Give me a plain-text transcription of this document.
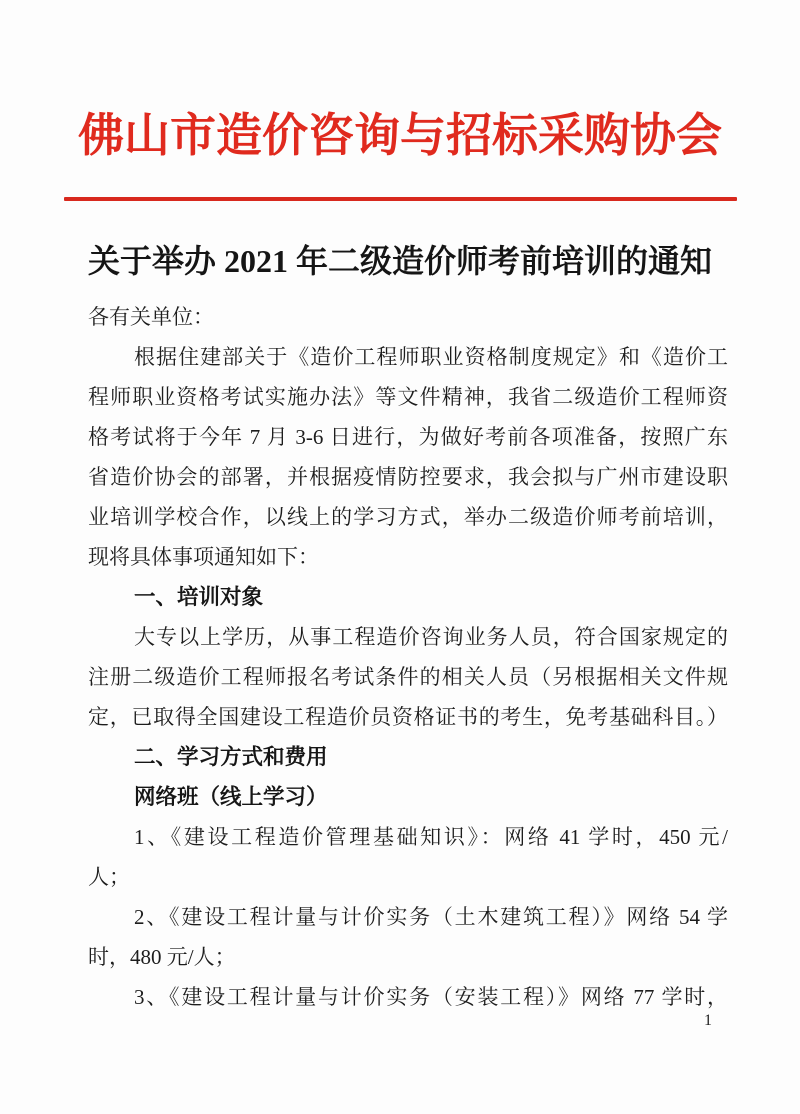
佛山市造价咨询与招标采购协会
关于举办 2021 年二级造价师考前培训的通知
各有关单位：
根据住建部关于《造价工程师职业资格制度规定》和《造价工
程师职业资格考试实施办法》等文件精神，我省二级造价工程师资
格考试将于今年 7 月 3-6 日进行，为做好考前各项准备，按照广东
省造价协会的部署，并根据疫情防控要求，我会拟与广州市建设职
业培训学校合作，以线上的学习方式，举办二级造价师考前培训，
现将具体事项通知如下：
一、培训对象
大专以上学历，从事工程造价咨询业务人员，符合国家规定的
注册二级造价工程师报名考试条件的相关人员（另根据相关文件规
定，已取得全国建设工程造价员资格证书的考生，免考基础科目。）
二、学习方式和费用
网络班（线上学习）
1、《建设工程造价管理基础知识》：网络 41 学时，450 元/
人；
2、《建设工程计量与计价实务（土木建筑工程）》网络 54 学
时，480 元/人；
3、《建设工程计量与计价实务（安装工程）》网络 77 学时，
1
